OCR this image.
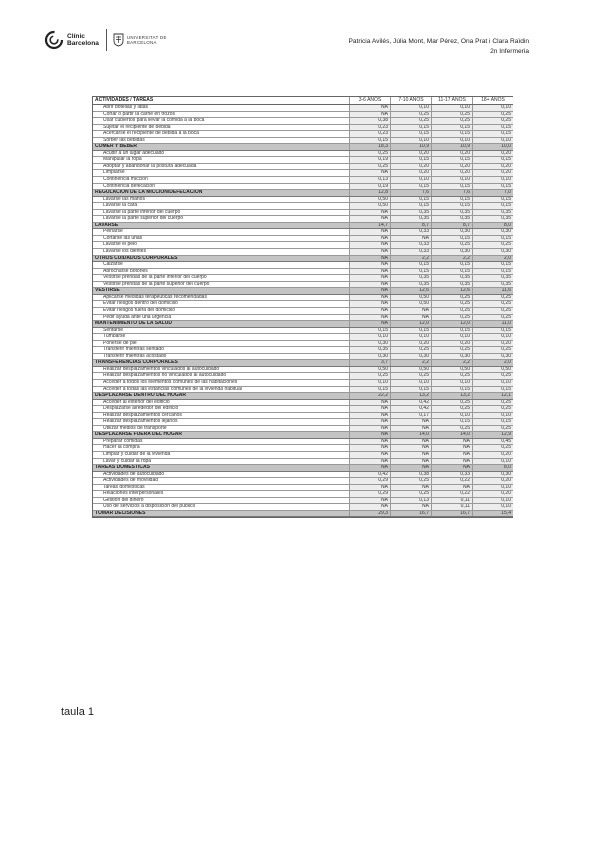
Clínic
Barcelona
UNIVERSITAT DE
BARCELONA	Patricia Avilés, Júlia Mont, Mar Pérez, Ona Prat i Clara Raïdin
2n Infermeria
ACTIVIDADES / TAREAS	3-6 AÑOS	7-10 AÑOS	11-17 AÑOS	18+ AÑOS
Abrir botellas y latas	NA	0,10	0,10	0,10
Cortar o partir la carne en trozos	NA	0,25	0,25	0,25
Usar cubiertos para llevar la comida a la boca	0,38	0,25	0,25	0,25
Sujetar el recipiente de bebida	0,23	0,15	0,15	0,15
Acercarse el recipiente de bebida a la boca	0,23	0,15	0,15	0,15
Sorber las bebidas	0,15	0,10	0,10	0,10
COMER Y BEBER	18,3	10,9	10,9	10,0
Acudir a un lugar adecuado	0,25	0,20	0,20	0,20
Manipular la ropa	0,19	0,15	0,15	0,15
Adoptar y abandonar la postura adecuada	0,25	0,20	0,20	0,20
Limpiarse	NA	0,20	0,20	0,20
Continencia micción	0,13	0,10	0,10	0,10
Continencia defecación	0,19	0,15	0,15	0,15
REGULACIÓN DE LA MICCIÓN/DEFECACIÓN	12,8	7,6	7,6	7,0
Lavarse las manos	0,50	0,15	0,15	0,15
Lavarse la cara	0,50	0,15	0,15	0,15
Lavarse la parte inferior del cuerpo	NA	0,35	0,35	0,35
Lavarse la parte superior del cuerpo	NA	0,35	0,35	0,35
LAVARSE	14,7	8,7	8,7	8,0
Peinarse	NA	0,33	0,30	0,30
Cortarse las uñas	NA	NA	0,15	0,15
Lavarse el pelo	NA	0,33	0,25	0,25
Lavarse los dientes	NA	0,33	0,30	0,30
OTROS CUIDADOS CORPORALES	NA	2,2	2,2	2,0
Calzarse	NA	0,15	0,15	0,15
Abrocharse botones	NA	0,15	0,15	0,15
Vestirse prendas de la parte inferior del cuerpo	NA	0,35	0,35	0,35
Vestirse prendas de la parte superior del cuerpo	NA	0,35	0,35	0,35
VESTIRSE	NA	12,6	12,6	11,6
Aplicarse medidas terapéuticas recomendadas	NA	0,50	0,25	0,25
Evitar riesgos dentro del domicilio	NA	0,50	0,25	0,25
Evitar riesgos fuera del domicilio	NA	NA	0,25	0,25
Pedir ayuda ante una urgencia	NA	NA	0,25	0,25
MANTENIMIENTO DE LA SALUD	NA	12,0	12,0	11,0
Sentarse	0,15	0,15	0,15	0,15
Tumbarse	0,10	0,10	0,10	0,10
Ponerse de pie	0,30	0,20	0,20	0,20
Transferir mientras sentado	0,35	0,25	0,25	0,25
Transferir mientras acostado	0,30	0,30	0,30	0,30
TRANSFERENCIAS CORPORALES	3,7	2,2	2,2	2,0
Realizar desplazamientos vinculados al autocuidado	0,50	0,50	0,50	0,50
Realizar desplazamientos no vinculados al autocuidado	0,25	0,25	0,25	0,25
Acceder a todos los elementos comunes de las habitaciones	0,10	0,10	0,10	0,10
Acceder a todas las estancias comunes de la vivienda habitual	0,15	0,15	0,15	0,15
DESPLAZARSE DENTRO DEL HOGAR	22,2	13,2	13,2	12,1
Acceder al exterior del edificio	NA	0,42	0,25	0,25
Desplazarse alrededor del edificio	NA	0,42	0,25	0,25
Realizar desplazamientos cercanos	NA	0,17	0,10	0,10
Realizar desplazamientos lejanos	NA	NA	0,15	0,15
Utilizar medios de transporte	NA	NA	0,25	0,25
DESPLAZARSE FUERA DEL HOGAR	NA	14,0	14,0	12,9
Preparar comidas	NA	NA	NA	0,45
Hacer la compra	NA	NA	NA	0,25
Limpiar y cuidar de la vivienda	NA	NA	NA	0,20
Lavar y cuidar la ropa	NA	NA	NA	0,10
TAREAS DOMÉSTICAS	NA	NA	NA	8,0
Actividades de autocuidado	0,42	0,38	0,33	0,30
Actividades de movilidad	0,29	0,25	0,22	0,20
Tareas domésticas	NA	NA	NA	0,10
Relaciones interpersonales	0,29	0,25	0,22	0,20
Gestión del dinero	NA	0,13	0,11	0,10
Uso de servicios a disposición del público	NA	NA	0,11	0,10
TOMAR DECISIONES	29,3	16,7	16,7	15,4
taula 1
